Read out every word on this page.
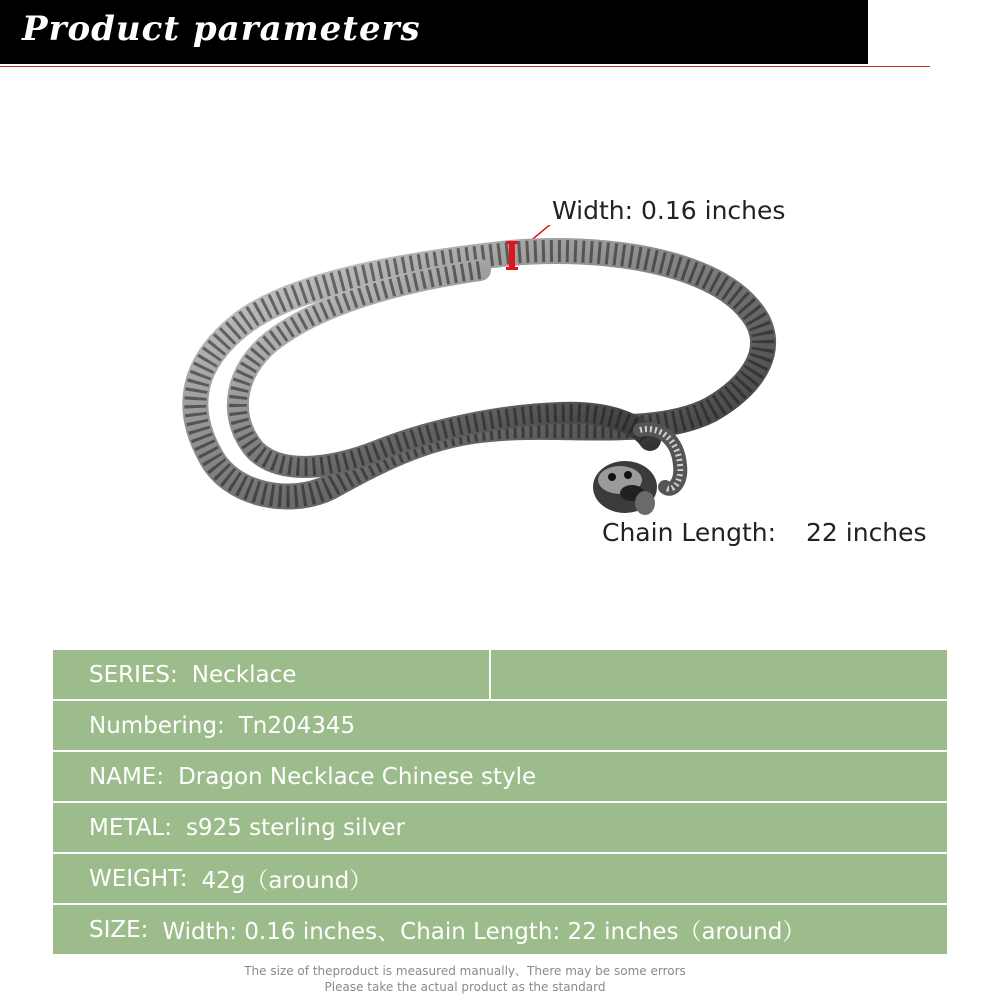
Product parameters
Width: 0.16 inches
Chain Length: 22 inches
SERIES: Necklace
Numbering: Tn204345
NAME: Dragon Necklace Chinese style
METAL: s925 sterling silver
WEIGHT: 42g（around）
SIZE: Width: 0.16 inches、Chain Length: 22 inches（around）
The size of theproduct is measured manually、There may be some errors
Please take the actual product as the standard
